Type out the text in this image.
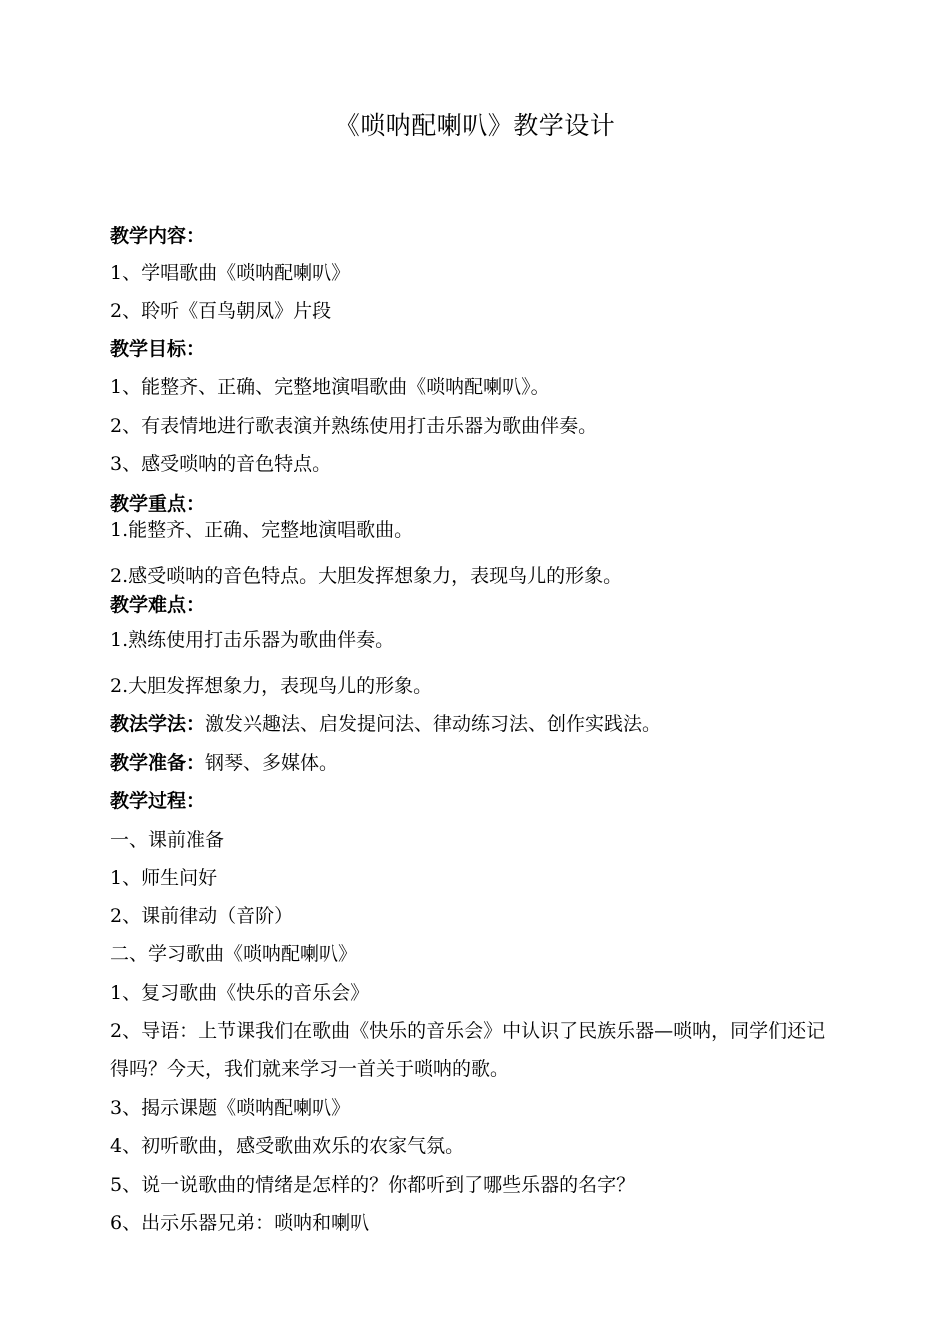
《唢呐配喇叭》教学设计
教学内容：
1、学唱歌曲《唢呐配喇叭》
2、聆听《百鸟朝凤》片段
教学目标：
1、能整齐、正确、完整地演唱歌曲《唢呐配喇叭》。
2、有表情地进行歌表演并熟练使用打击乐器为歌曲伴奏。
3、感受唢呐的音色特点。
教学重点：
1.能整齐、正确、完整地演唱歌曲。
2.感受唢呐的音色特点。大胆发挥想象力，表现鸟儿的形象。
教学难点：
1.熟练使用打击乐器为歌曲伴奏。
2.大胆发挥想象力，表现鸟儿的形象。
教法学法：激发兴趣法、启发提问法、律动练习法、创作实践法。
教学准备：钢琴、多媒体。
教学过程：
一、课前准备
1、师生问好
2、课前律动（音阶）
二、学习歌曲《唢呐配喇叭》
1、复习歌曲《快乐的音乐会》
2、导语：上节课我们在歌曲《快乐的音乐会》中认识了民族乐器—唢呐，同学们还记得吗？今天，我们就来学习一首关于唢呐的歌。
3、揭示课题《唢呐配喇叭》
4、初听歌曲，感受歌曲欢乐的农家气氛。
5、说一说歌曲的情绪是怎样的？你都听到了哪些乐器的名字？
6、出示乐器兄弟：唢呐和喇叭
